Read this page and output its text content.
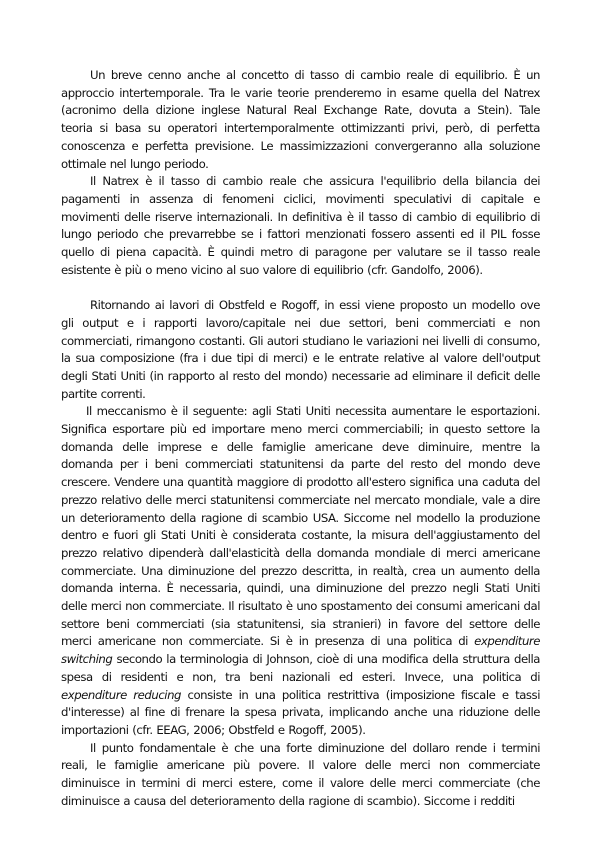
Un breve cenno anche al concetto di tasso di cambio reale di equilibrio. È un approccio intertemporale. Tra le varie teorie prenderemo in esame quella del Natrex (acronimo della dizione inglese Natural Real Exchange Rate, dovuta a Stein). Tale teoria si basa su operatori intertemporalmente ottimizzanti privi, però, di perfetta conoscenza e perfetta previsione. Le massimizzazioni convergeranno alla soluzione ottimale nel lungo periodo.

Il Natrex è il tasso di cambio reale che assicura l'equilibrio della bilancia dei pagamenti in assenza di fenomeni ciclici, movimenti speculativi di capitale e movimenti delle riserve internazionali. In definitiva è il tasso di cambio di equilibrio di lungo periodo che prevarrebbe se i fattori menzionati fossero assenti ed il PIL fosse quello di piena capacità. È quindi metro di paragone per valutare se il tasso reale esistente è più o meno vicino al suo valore di equilibrio (cfr. Gandolfo, 2006).

Ritornando ai lavori di Obstfeld e Rogoff, in essi viene proposto un modello ove gli output e i rapporti lavoro/capitale nei due settori, beni commerciati e non commerciati, rimangono costanti. Gli autori studiano le variazioni nei livelli di consumo, la sua composizione (fra i due tipi di merci) e le entrate relative al valore dell'output degli Stati Uniti (in rapporto al resto del mondo) necessarie ad eliminare il deficit delle partite correnti.

Il meccanismo è il seguente: agli Stati Uniti necessita aumentare le esportazioni. Significa esportare più ed importare meno merci commerciabili; in questo settore la domanda delle imprese e delle famiglie americane deve diminuire, mentre la domanda per i beni commerciati statunitensi da parte del resto del mondo deve crescere. Vendere una quantità maggiore di prodotto all'estero significa una caduta del prezzo relativo delle merci statunitensi commerciate nel mercato mondiale, vale a dire un deterioramento della ragione di scambio USA. Siccome nel modello la produzione dentro e fuori gli Stati Uniti è considerata costante, la misura dell'aggiustamento del prezzo relativo dipenderà dall'elasticità della domanda mondiale di merci americane commerciate. Una diminuzione del prezzo descritta, in realtà, crea un aumento della domanda interna. È necessaria, quindi, una diminuzione del prezzo negli Stati Uniti delle merci non commerciate. Il risultato è uno spostamento dei consumi americani dal settore beni commerciati (sia statunitensi, sia stranieri) in favore del settore delle merci americane non commerciate. Si è in presenza di una politica di expenditure switching secondo la terminologia di Johnson, cioè di una modifica della struttura della spesa di residenti e non, tra beni nazionali ed esteri. Invece, una politica di expenditure reducing consiste in una politica restrittiva (imposizione fiscale e tassi d'interesse) al fine di frenare la spesa privata, implicando anche una riduzione delle importazioni (cfr. EEAG, 2006; Obstfeld e Rogoff, 2005).

Il punto fondamentale è che una forte diminuzione del dollaro rende i termini reali, le famiglie americane più povere. Il valore delle merci non commerciate diminuisce in termini di merci estere, come il valore delle merci commerciate (che diminuisce a causa del deterioramento della ragione di scambio). Siccome i redditi
